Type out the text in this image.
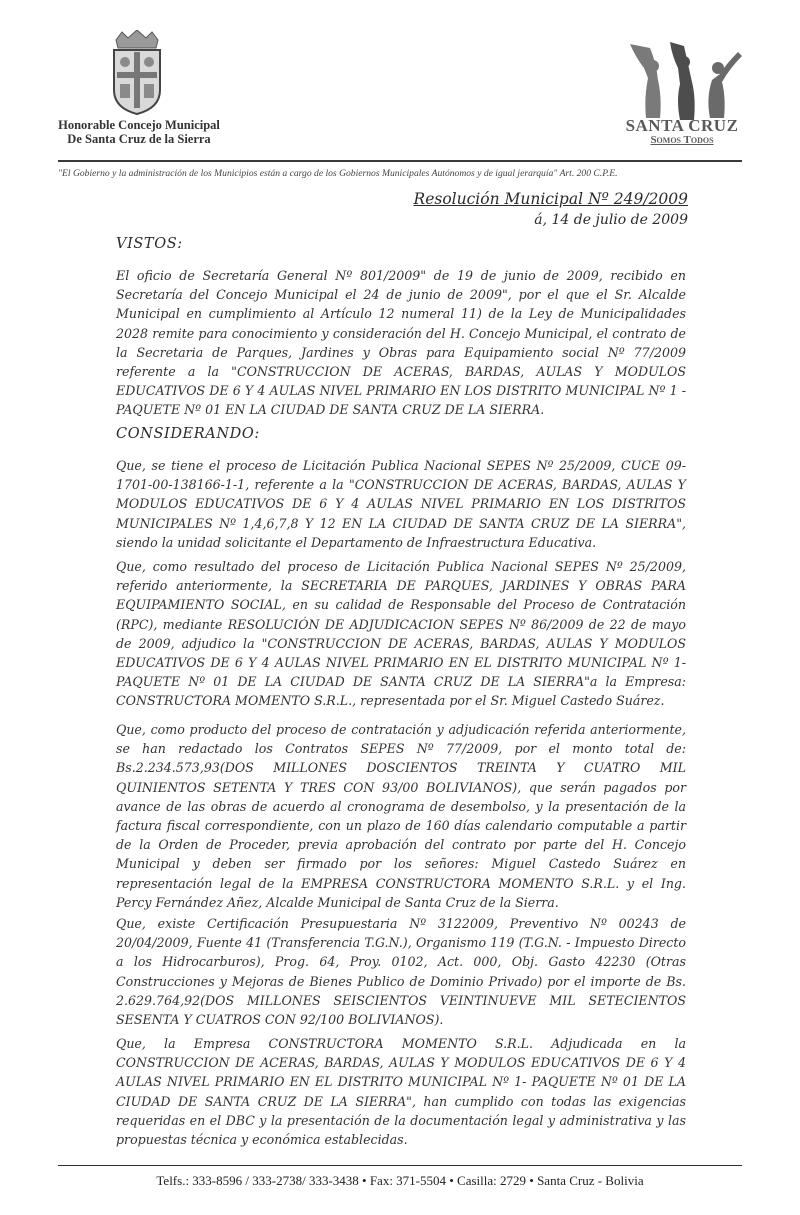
Honorable Concejo Municipal
De Santa Cruz de la Sierra
SANTA CRUZ
Somos Todos
"El Gobierno y la administración de los Municipios están a cargo de los Gobiernos Municipales Autónomos y de igual jerarquía" Art. 200 C.P.E.
Resolución Municipal Nº 249/2009
á, 14 de julio de 2009
VISTOS:
El oficio de Secretaría General Nº 801/2009" de 19 de junio de 2009, recibido en Secretaría del Concejo Municipal el 24 de junio de 2009", por el que el Sr. Alcalde Municipal en cumplimiento al Artículo 12 numeral 11) de la Ley de Municipalidades 2028 remite para conocimiento y consideración del H. Concejo Municipal, el contrato de la Secretaria de Parques, Jardines y Obras para Equipamiento social Nº 77/2009 referente a la "CONSTRUCCION DE ACERAS, BARDAS, AULAS Y MODULOS EDUCATIVOS DE 6 Y 4 AULAS NIVEL PRIMARIO EN LOS DISTRITO MUNICIPAL Nº 1 - PAQUETE Nº 01 EN LA CIUDAD DE SANTA CRUZ DE LA SIERRA.
CONSIDERANDO:
Que, se tiene el proceso de Licitación Publica Nacional SEPES Nº 25/2009, CUCE 09-1701-00-138166-1-1, referente a la "CONSTRUCCION DE ACERAS, BARDAS, AULAS Y MODULOS EDUCATIVOS DE 6 Y 4 AULAS NIVEL PRIMARIO EN LOS DISTRITOS MUNICIPALES Nº 1,4,6,7,8 Y 12 EN LA CIUDAD DE SANTA CRUZ DE LA SIERRA", siendo la unidad solicitante el Departamento de Infraestructura Educativa.
Que, como resultado del proceso de Licitación Publica Nacional SEPES Nº 25/2009, referido anteriormente, la SECRETARIA DE PARQUES, JARDINES Y OBRAS PARA EQUIPAMIENTO SOCIAL, en su calidad de Responsable del Proceso de Contratación (RPC), mediante RESOLUCIÓN DE ADJUDICACION SEPES Nº 86/2009 de 22 de mayo de 2009, adjudico la "CONSTRUCCION DE ACERAS, BARDAS, AULAS Y MODULOS EDUCATIVOS DE 6 Y 4 AULAS NIVEL PRIMARIO EN EL DISTRITO MUNICIPAL Nº 1- PAQUETE Nº 01 DE LA CIUDAD DE SANTA CRUZ DE LA SIERRA"a la Empresa: CONSTRUCTORA MOMENTO S.R.L., representada por el Sr. Miguel Castedo Suárez.
Que, como producto del proceso de contratación y adjudicación referida anteriormente, se han redactado los Contratos SEPES Nº 77/2009, por el monto total de: Bs.2.234.573,93(DOS MILLONES DOSCIENTOS TREINTA Y CUATRO MIL QUINIENTOS SETENTA Y TRES CON 93/00 BOLIVIANOS), que serán pagados por avance de las obras de acuerdo al cronograma de desembolso, y la presentación de la factura fiscal correspondiente, con un plazo de 160 días calendario computable a partir de la Orden de Proceder, previa aprobación del contrato por parte del H. Concejo Municipal y deben ser firmado por los señores: Miguel Castedo Suárez en representación legal de la EMPRESA CONSTRUCTORA MOMENTO S.R.L. y el Ing. Percy Fernández Añez, Alcalde Municipal de Santa Cruz de la Sierra.
Que, existe Certificación Presupuestaria Nº 3122009, Preventivo Nº 00243 de 20/04/2009, Fuente 41 (Transferencia T.G.N.), Organismo 119 (T.G.N. - Impuesto Directo a los Hidrocarburos), Prog. 64, Proy. 0102, Act. 000, Obj. Gasto 42230 (Otras Construcciones y Mejoras de Bienes Publico de Dominio Privado) por el importe de Bs. 2.629.764,92(DOS MILLONES SEISCIENTOS VEINTINUEVE MIL SETECIENTOS SESENTA Y CUATROS CON 92/100 BOLIVIANOS).
Que, la Empresa CONSTRUCTORA MOMENTO S.R.L. Adjudicada en la CONSTRUCCION DE ACERAS, BARDAS, AULAS Y MODULOS EDUCATIVOS DE 6 Y 4 AULAS NIVEL PRIMARIO EN EL DISTRITO MUNICIPAL Nº 1- PAQUETE Nº 01 DE LA CIUDAD DE SANTA CRUZ DE LA SIERRA", han cumplido con todas las exigencias requeridas en el DBC y la presentación de la documentación legal y administrativa y las propuestas técnica y económica establecidas.
Telfs.: 333-8596 / 333-2738/ 333-3438 • Fax: 371-5504 • Casilla: 2729 • Santa Cruz - Bolivia
